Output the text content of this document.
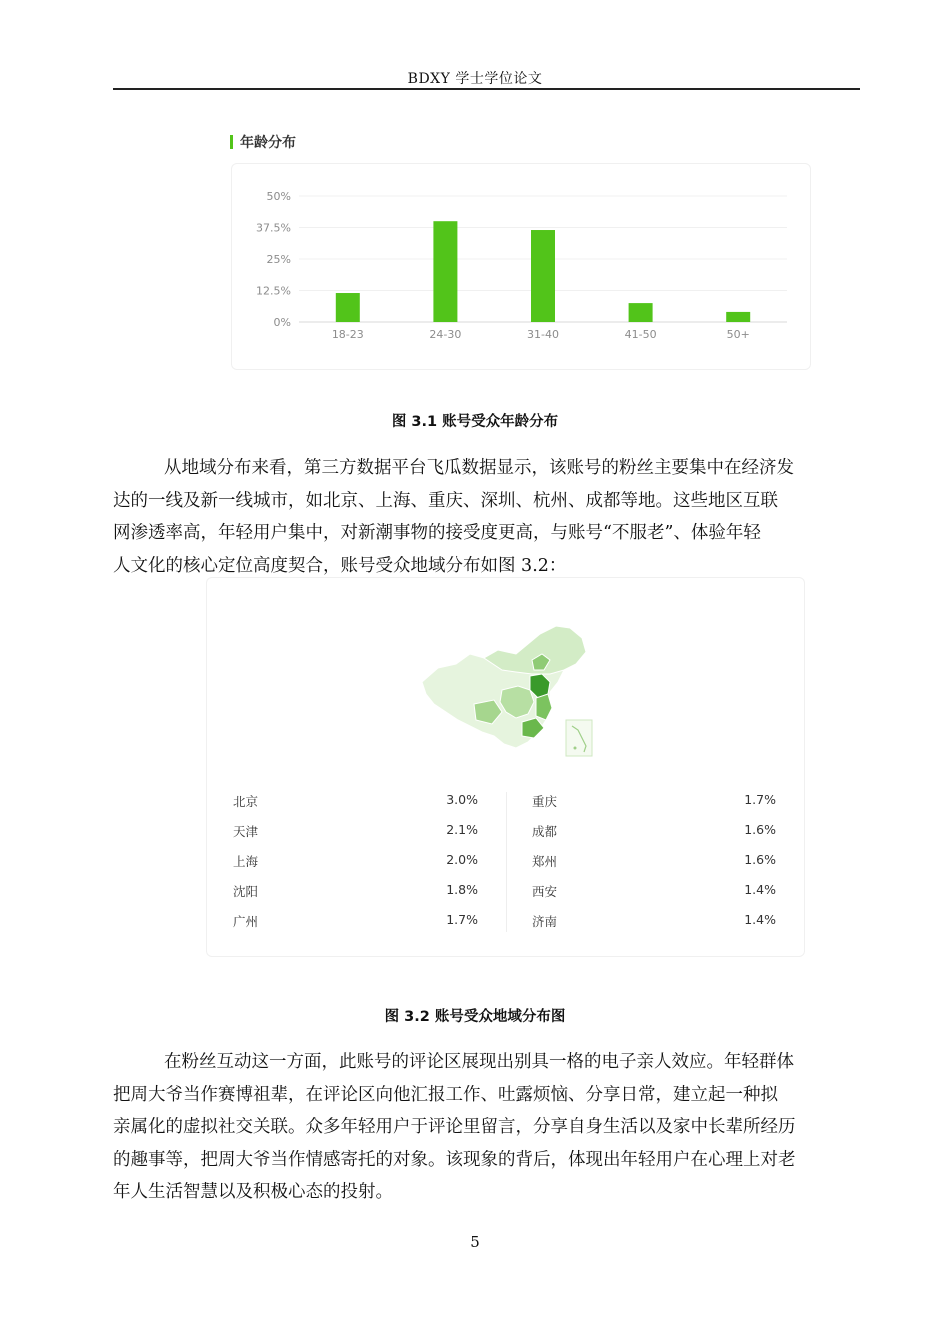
BDXY 学士学位论文
年龄分布
0%
12.5%
25%
37.5%
50%
18-23	24-30	31-40	41-50	50+
图 3.1 账号受众年龄分布
从地域分布来看，第三方数据平台飞瓜数据显示，该账号的粉丝主要集中在经济发
达的一线及新一线城市，如北京、上海、重庆、深圳、杭州、成都等地。这些地区互联
网渗透率高，年轻用户集中，对新潮事物的接受度更高，与账号“不服老”、体验年轻
人文化的核心定位高度契合，账号受众地域分布如图 3.2：
北京	3.0%
天津	2.1%
上海	2.0%
沈阳	1.8%
广州	1.7%
重庆	1.7%
成都	1.6%
郑州	1.6%
西安	1.4%
济南	1.4%
图 3.2 账号受众地域分布图
在粉丝互动这一方面，此账号的评论区展现出别具一格的电子亲人效应。年轻群体
把周大爷当作赛博祖辈，在评论区向他汇报工作、吐露烦恼、分享日常，建立起一种拟
亲属化的虚拟社交关联。众多年轻用户于评论里留言，分享自身生活以及家中长辈所经历
的趣事等，把周大爷当作情感寄托的对象。该现象的背后，体现出年轻用户在心理上对老
年人生活智慧以及积极心态的投射。
5
